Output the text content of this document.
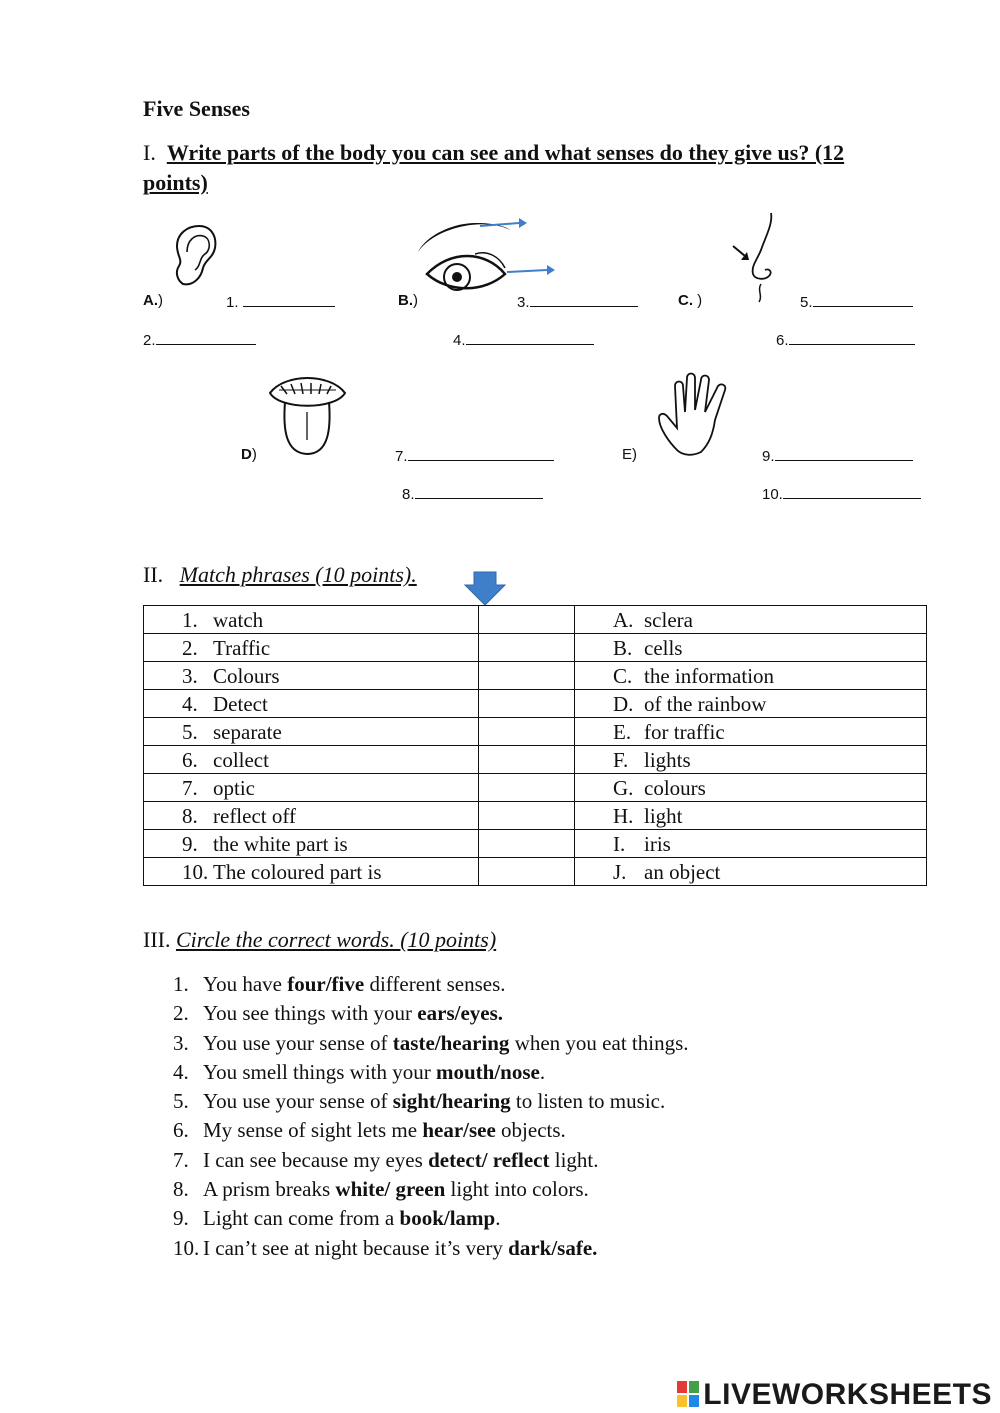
Five Senses
I. Write parts of the body you can see and what senses do they give us? (12 points)
A.)	1.	B.)	3.	C. )	5.
2.	4.	6.
D)	7.	E)	9.
8.	10.
II. Match phrases (10 points).
1. watch		A. sclera
2. Traffic		B. cells
3. Colours		C. the information
4. Detect		D. of the rainbow
5. separate		E. for traffic
6. collect		F. lights
7. optic		G. colours
8. reflect off		H. light
9. the white part is		I. iris
10. The coloured part is		J. an object
III. Circle the correct words. (10 points)
1. You have four/five different senses.
2. You see things with your ears/eyes.
3. You use your sense of taste/hearing when you eat things.
4. You smell things with your mouth/nose.
5. You use your sense of sight/hearing to listen to music.
6. My sense of sight lets me hear/see objects.
7. I can see because my eyes detect/ reflect light.
8. A prism breaks white/ green light into colors.
9. Light can come from a book/lamp.
10. I can’t see at night because it’s very dark/safe.
LIVEWORKSHEETS
